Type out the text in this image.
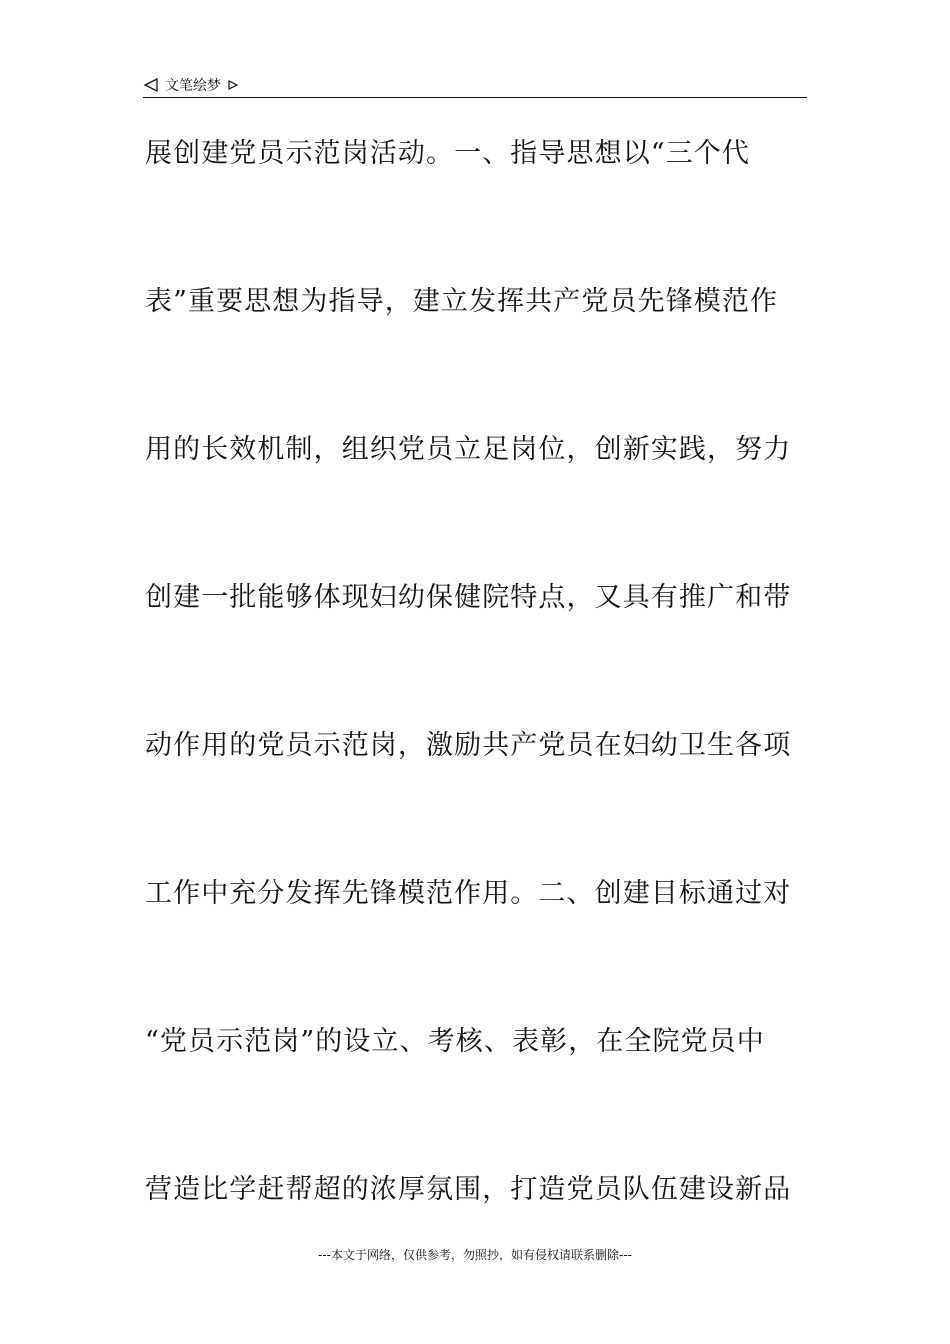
文笔绘梦
展创建党员示范岗活动。一、指导思想以“三个代
表”重要思想为指导，建立发挥共产党员先锋模范作
用的长效机制，组织党员立足岗位，创新实践，努力
创建一批能够体现妇幼保健院特点，又具有推广和带
动作用的党员示范岗，激励共产党员在妇幼卫生各项
工作中充分发挥先锋模范作用。二、创建目标通过对
“党员示范岗”的设立、考核、表彰，在全院党员中
营造比学赶帮超的浓厚氛围，打造党员队伍建设新品
---本文于网络，仅供参考，勿照抄，如有侵权请联系删除---
